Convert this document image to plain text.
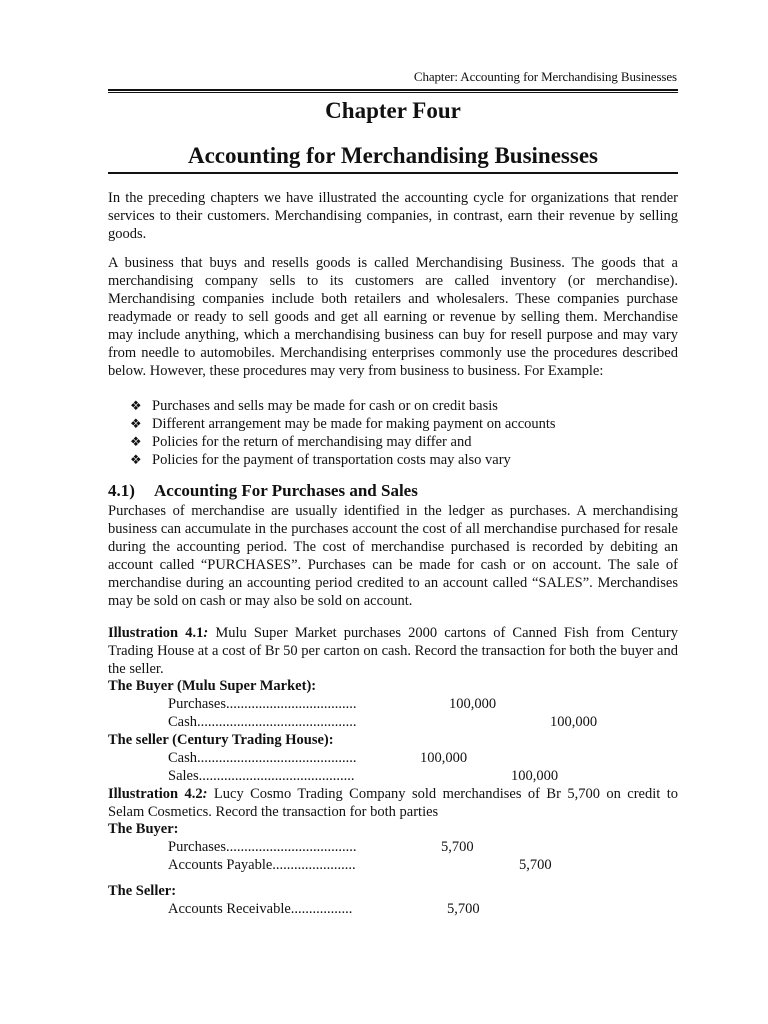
Chapter: Accounting for Merchandising Businesses
Chapter Four
Accounting for Merchandising Businesses
In the preceding chapters we have illustrated the accounting cycle for organizations that render services to their customers. Merchandising companies, in contrast, earn their revenue by selling goods.
A business that buys and resells goods is called Merchandising Business. The goods that a merchandising company sells to its customers are called inventory (or merchandise). Merchandising companies include both retailers and wholesalers. These companies purchase readymade or ready to sell goods and get all earning or revenue by selling them. Merchandise may include anything, which a merchandising business can buy for resell purpose and may vary from needle to automobiles. Merchandising enterprises commonly use the procedures described below. However, these procedures may very from business to business. For Example:
❖ Purchases and sells may be made for cash or on credit basis
❖ Different arrangement may be made for making payment on accounts
❖ Policies for the return of merchandising may differ and
❖ Policies for the payment of transportation costs may also vary
4.1) Accounting For Purchases and Sales
Purchases of merchandise are usually identified in the ledger as purchases. A merchandising business can accumulate in the purchases account the cost of all merchandise purchased for resale during the accounting period. The cost of merchandise purchased is recorded by debiting an account called “PURCHASES”. Purchases can be made for cash or on account. The sale of merchandise during an accounting period credited to an account called “SALES”. Merchandises may be sold on cash or may also be sold on account.
Illustration 4.1: Mulu Super Market purchases 2000 cartons of Canned Fish from Century Trading House at a cost of Br 50 per carton on cash. Record the transaction for both the buyer and the seller.
The Buyer (Mulu Super Market):
Purchases....................................	100,000
Cash............................................	100,000
The seller (Century Trading House):
Cash............................................	100,000
Sales...........................................	100,000
Illustration 4.2: Lucy Cosmo Trading Company sold merchandises of Br 5,700 on credit to Selam Cosmetics. Record the transaction for both parties
The Buyer:
Purchases....................................	5,700
Accounts Payable.......................	5,700
The Seller:
Accounts Receivable.................	5,700
